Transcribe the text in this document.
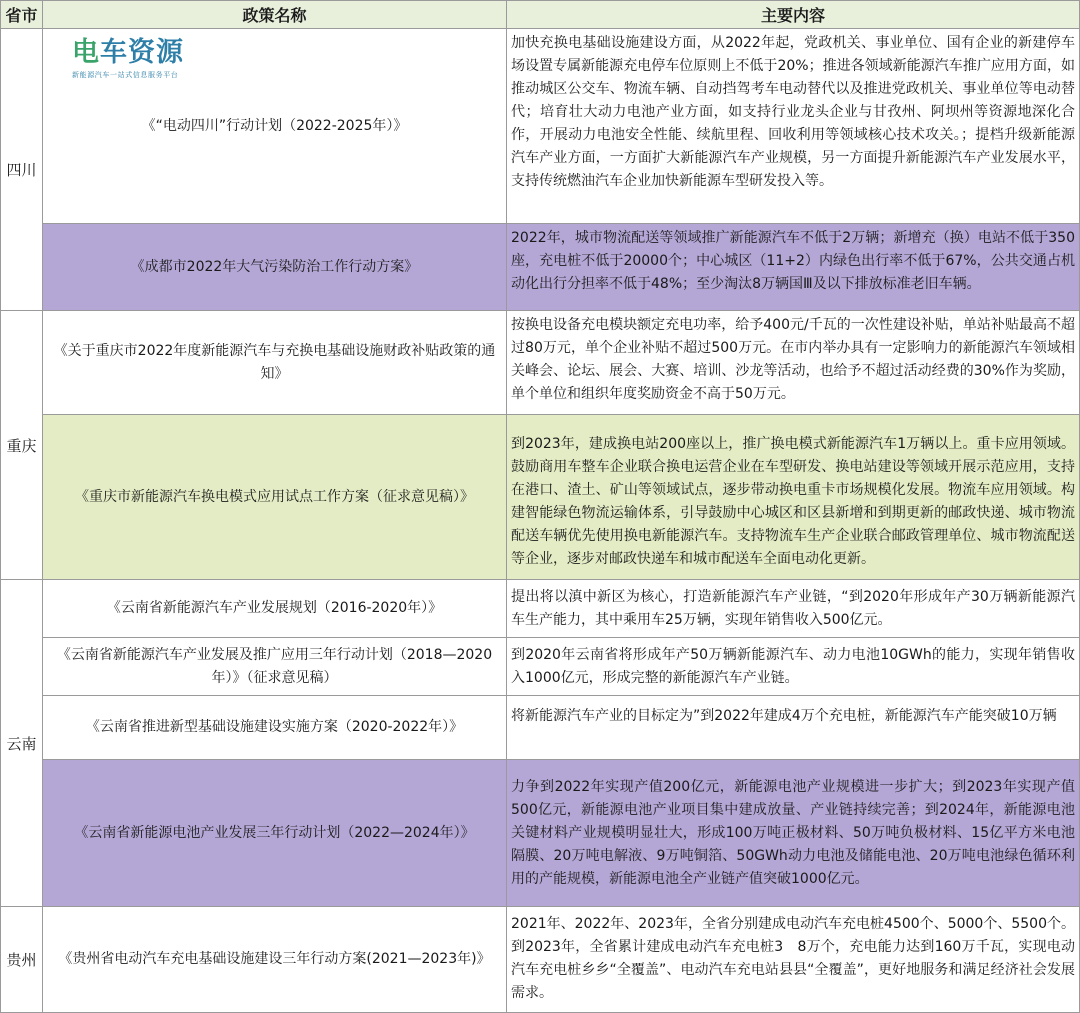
省市	政策名称	主要内容
四川
重庆
云南
贵州
《“电动四川”行动计划（2022-2025年）》
加快充换电基础设施建设方面，从2022年起，党政机关、事业单位、国有企业的新建停车场设置专属新能源充电停车位原则上不低于20%；推进各领域新能源汽车推广应用方面，如推动城区公交车、物流车辆、自动挡驾考车电动替代以及推进党政机关、事业单位等电动替代；培育壮大动力电池产业方面，如支持行业龙头企业与甘孜州、阿坝州等资源地深化合作，开展动力电池安全性能、续航里程、回收利用等领域核心技术攻关。；提档升级新能源汽车产业方面，一方面扩大新能源汽车产业规模，另一方面提升新能源汽车产业发展水平，支持传统燃油汽车企业加快新能源车型研发投入等。
电车资源
新能源汽车一站式信息服务平台
《成都市2022年大气污染防治工作行动方案》
2022年，城市物流配送等领域推广新能源汽车不低于2万辆；新增充（换）电站不低于350座，充电桩不低于20000个；中心城区（11+2）内绿色出行率不低于67%，公共交通占机动化出行分担率不低于48%；至少淘汰8万辆国Ⅲ及以下排放标准老旧车辆。
《关于重庆市2022年度新能源汽车与充换电基础设施财政补贴政策的通知》
按换电设备充电模块额定充电功率，给予400元/千瓦的一次性建设补贴，单站补贴最高不超过80万元，单个企业补贴不超过500万元。在市内举办具有一定影响力的新能源汽车领域相关峰会、论坛、展会、大赛、培训、沙龙等活动，也给予不超过活动经费的30%作为奖励，单个单位和组织年度奖励资金不高于50万元。
《重庆市新能源汽车换电模式应用试点工作方案（征求意见稿）》
到2023年，建成换电站200座以上，推广换电模式新能源汽车1万辆以上。重卡应用领域。鼓励商用车整车企业联合换电运营企业在车型研发、换电站建设等领域开展示范应用，支持在港口、渣土、矿山等领域试点，逐步带动换电重卡市场规模化发展。物流车应用领域。构建智能绿色物流运输体系，引导鼓励中心城区和区县新增和到期更新的邮政快递、城市物流配送车辆优先使用换电新能源汽车。支持物流车生产企业联合邮政管理单位、城市物流配送等企业，逐步对邮政快递车和城市配送车全面电动化更新。
《云南省新能源汽车产业发展规划（2016-2020年）》
提出将以滇中新区为核心，打造新能源汽车产业链，“到2020年形成年产30万辆新能源汽车生产能力，其中乘用车25万辆，实现年销售收入500亿元。
《云南省新能源汽车产业发展及推广应用三年行动计划（2018—2020年）》（征求意见稿）
到2020年云南省将形成年产50万辆新能源汽车、动力电池10GWh的能力，实现年销售收入1000亿元，形成完整的新能源汽车产业链。
《云南省推进新型基础设施建设实施方案（2020-2022年）》
将新能源汽车产业的目标定为”到2022年建成4万个充电桩，新能源汽车产能突破10万辆
《云南省新能源电池产业发展三年行动计划（2022—2024年）》
力争到2022年实现产值200亿元，新能源电池产业规模进一步扩大；到2023年实现产值500亿元，新能源电池产业项目集中建成放量、产业链持续完善；到2024年，新能源电池关键材料产业规模明显壮大，形成100万吨正极材料、50万吨负极材料、15亿平方米电池隔膜、20万吨电解液、9万吨铜箔、50GWh动力电池及储能电池、20万吨电池绿色循环利用的产能规模，新能源电池全产业链产值突破1000亿元。
《贵州省电动汽车充电基础设施建设三年行动方案(2021—2023年)》
2021年、2022年、2023年，全省分别建成电动汽车充电桩4500个、5000个、5500个。到2023年，全省累计建成电动汽车充电桩3　8万个，充电能力达到160万千瓦，实现电动汽车充电桩乡乡“全覆盖”、电动汽车充电站县县“全覆盖”，更好地服务和满足经济社会发展需求。
